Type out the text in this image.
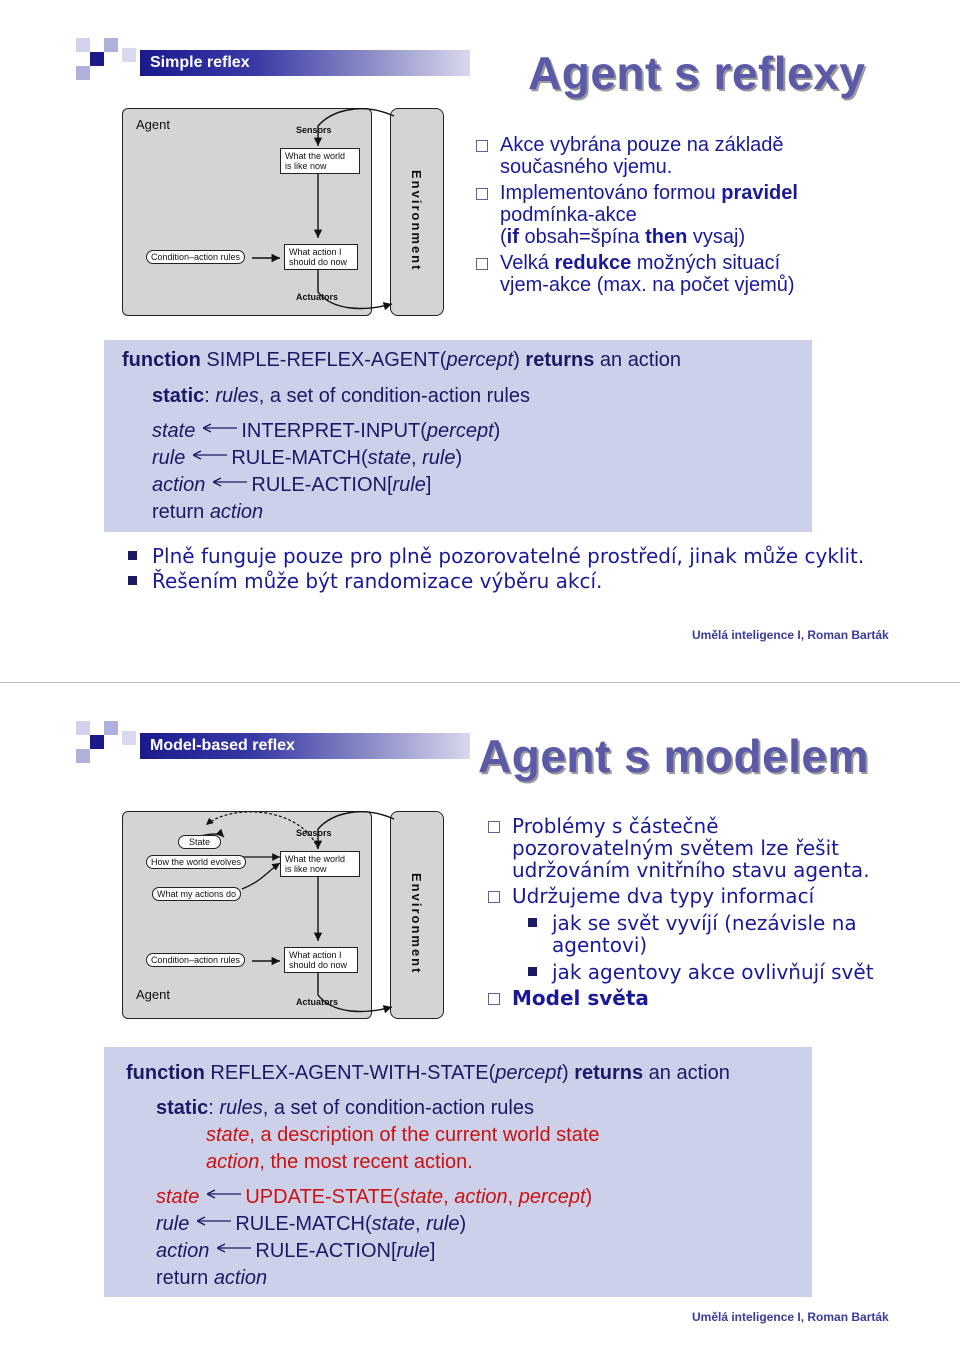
Simple reflex	Agent s reflexy
Agent	Sensors
What the world
is like now
Condition–action rules	What action I
should do now
Actuators
Environment
Akce vybrána pouze na základě
současného vjemu.
Implementováno formou pravidel
podmínka-akce
(if obsah=špína then vysaj)
Velká redukce možných situací
vjem-akce (max. na počet vjemů)
function SIMPLE-REFLEX-AGENT(percept) returns an action
static: rules, a set of condition-action rules
state INTERPRET-INPUT(percept)
rule RULE-MATCH(state, rule)
action RULE-ACTION[rule]
return action
Plně funguje pouze pro plně pozorovatelné prostředí, jinak může cyklit.
Řešením může být randomizace výběru akcí.
Umělá inteligence I, Roman Barták
Model-based reflex	Agent s modelem
State
How the world evolves
What my actions do
Sensors
What the world
is like now
Condition–action rules	What action I
should do now
Actuators
Agent
Environment
Problémy s částečně
pozorovatelným světem lze řešit
udržováním vnitřního stavu agenta.
Udržujeme dva typy informací
jak se svět vyvíjí (nezávisle na
agentovi)
jak agentovy akce ovlivňují svět
Model světa
function REFLEX-AGENT-WITH-STATE(percept) returns an action
static: rules, a set of condition-action rules
state, a description of the current world state
action, the most recent action.
state UPDATE-STATE(state, action, percept)
rule RULE-MATCH(state, rule)
action RULE-ACTION[rule]
return action
Umělá inteligence I, Roman Barták
